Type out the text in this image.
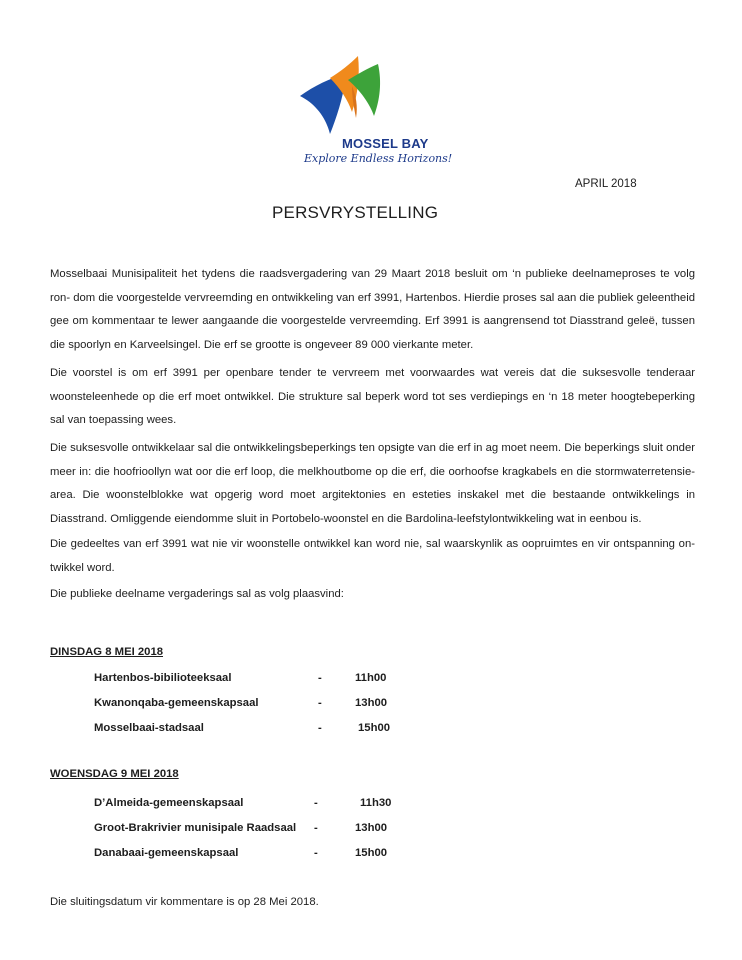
MOSSEL BAY
Explore Endless Horizons!
APRIL 2018
PERSVRYSTELLING

Mosselbaai Munisipaliteit het tydens die raadsvergadering van 29 Maart 2018 besluit om ‘n publieke deelnameproses te volg ron- dom die voorgestelde vervreemding en ontwikkeling van erf 3991, Hartenbos. Hierdie proses sal aan die publiek geleentheid gee om kommentaar te lewer aangaande die voorgestelde vervreemding. Erf 3991 is aangrensend tot Diasstrand geleë, tussen die spoorlyn en Karveelsingel. Die erf se grootte is ongeveer 89 000 vierkante meter.

Die voorstel is om erf 3991 per openbare tender te vervreem met voorwaardes wat vereis dat die suksesvolle tenderaar woonsteleenhede op die erf moet ontwikkel. Die strukture sal beperk word tot ses verdiepings en ‘n 18 meter hoogtebeperking sal van toepassing wees.

Die suksesvolle ontwikkelaar sal die ontwikkelingsbeperkings ten opsigte van die erf in ag moet neem. Die beperkings sluit onder meer in: die hoofrioollyn wat oor die erf loop, die melkhoutbome op die erf, die oorhoofse kragkabels en die stormwaterretensie-area. Die woonstelblokke wat opgerig word moet argitektonies en esteties inskakel met die bestaande ontwikkelings in Diasstrand. Omliggende eiendomme sluit in Portobelo-woonstel en die Bardolina-leefstylontwikkeling wat in eenbou is.

Die gedeeltes van erf 3991 wat nie vir woonstelle ontwikkel kan word nie, sal waarskynlik as oopruimtes en vir ontspanning on- twikkel word.

Die publieke deelname vergaderings sal as volg plaasvind:

DINSDAG 8 MEI 2018

Hartenbos-bibilioteeksaal	-	11h00
Kwanonqaba-gemeenskapsaal	-	13h00
Mosselbaai-stadsaal	-	15h00

WOENSDAG 9 MEI 2018

D’Almeida-gemeenskapsaal	-	11h30
Groot-Brakrivier munisipale Raadsaal -	13h00
Danabaai-gemeenskapsaal	-	15h00

Die sluitingsdatum vir kommentare is op 28 Mei 2018.
